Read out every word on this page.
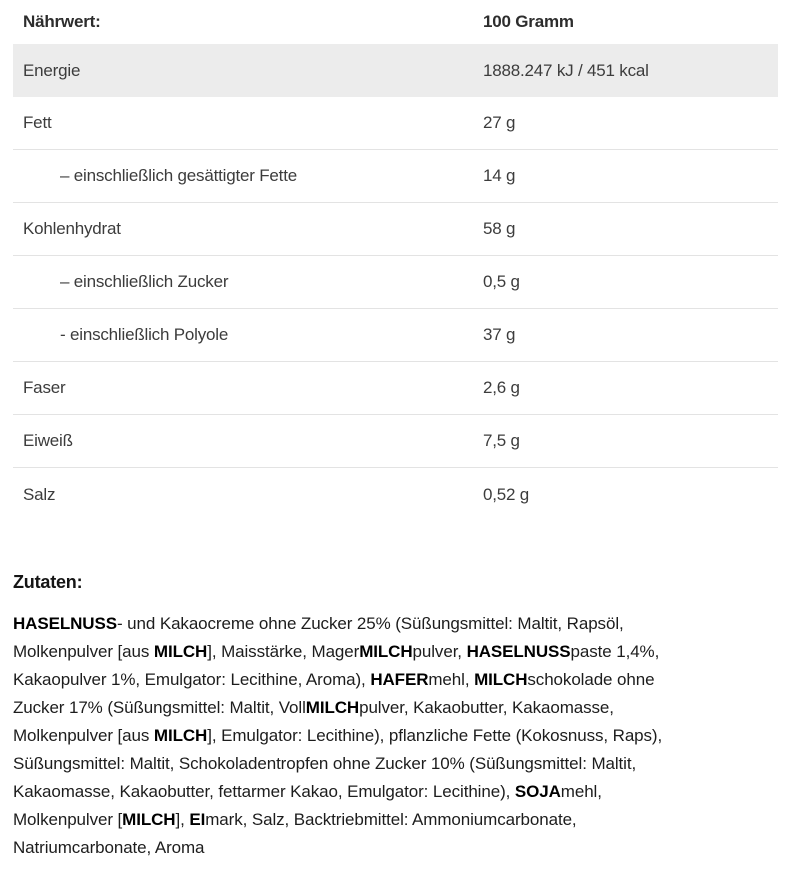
Nährwert:	100 Gramm
Energie	1888.247 kJ / 451 kcal
Fett	27 g
– einschließlich gesättigter Fette	14 g
Kohlenhydrat	58 g
– einschließlich Zucker	0,5 g
- einschließlich Polyole	37 g
Faser	2,6 g
Eiweiß	7,5 g
Salz	0,52 g
Zutaten:
HASELNUSS- und Kakaocreme ohne Zucker 25% (Süßungsmittel: Maltit, Rapsöl,
Molkenpulver [aus MILCH], Maisstärke, MagerMILCHpulver, HASELNUSSpaste 1,4%,
Kakaopulver 1%, Emulgator: Lecithine, Aroma), HAFERmehl, MILCHschokolade ohne
Zucker 17% (Süßungsmittel: Maltit, VollMILCHpulver, Kakaobutter, Kakaomasse,
Molkenpulver [aus MILCH], Emulgator: Lecithine), pflanzliche Fette (Kokosnuss, Raps),
Süßungsmittel: Maltit, Schokoladentropfen ohne Zucker 10% (Süßungsmittel: Maltit,
Kakaomasse, Kakaobutter, fettarmer Kakao, Emulgator: Lecithine), SOJAmehl,
Molkenpulver [MILCH], EImark, Salz, Backtriebmittel: Ammoniumcarbonate,
Natriumcarbonate, Aroma
